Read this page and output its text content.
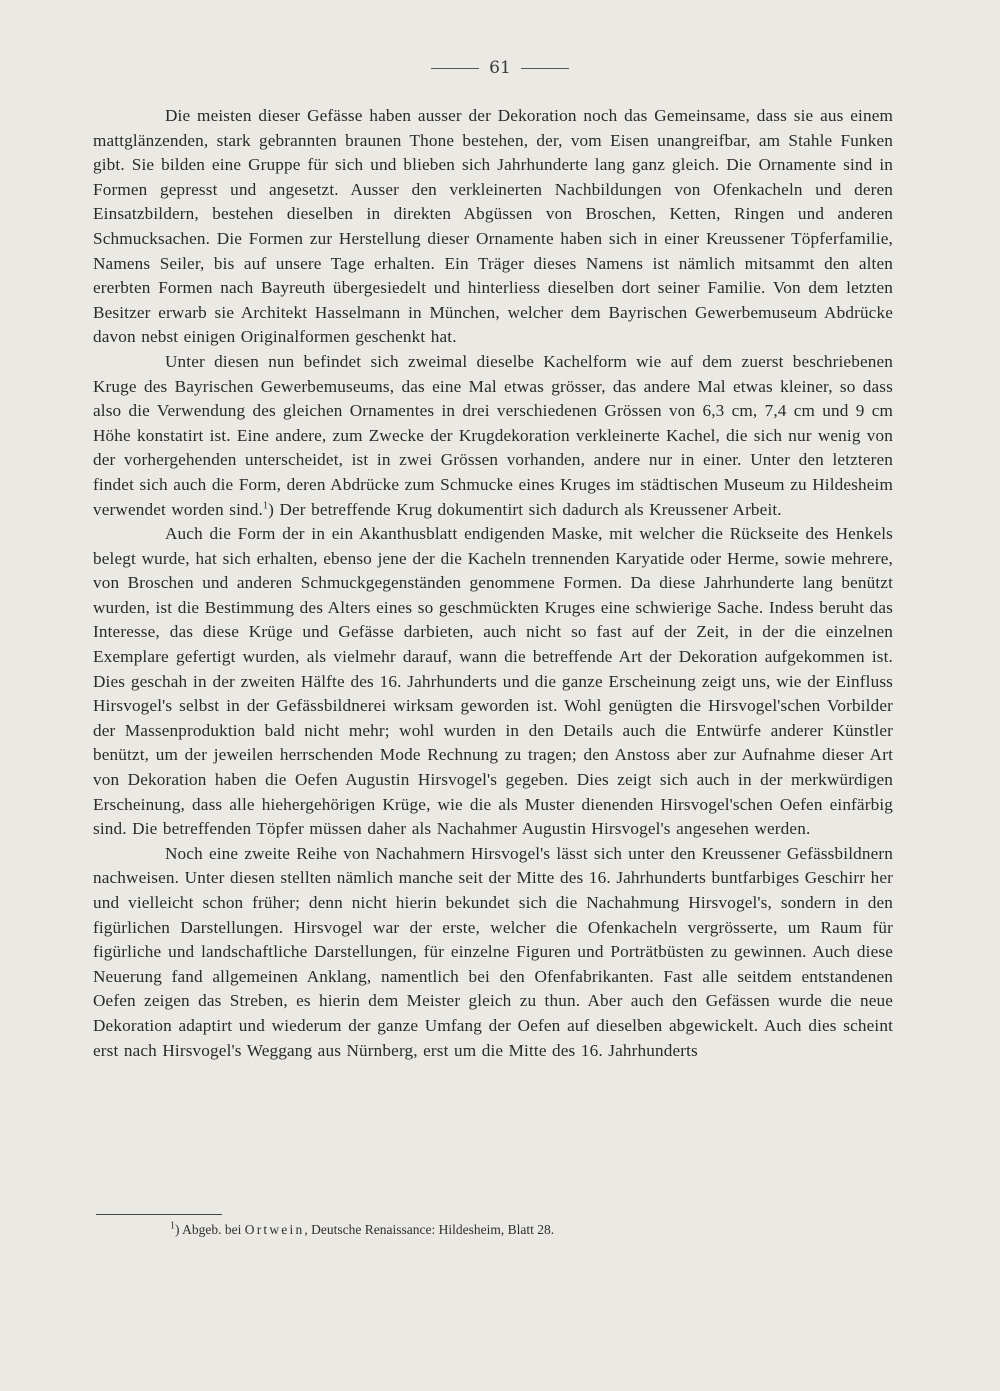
61

Die meisten dieser Gefässe haben ausser der Dekoration noch das Gemeinsame, dass sie aus einem mattglänzenden, stark gebrannten braunen Thone bestehen, der, vom Eisen unangreifbar, am Stahle Funken gibt. Sie bilden eine Gruppe für sich und blieben sich Jahrhunderte lang ganz gleich. Die Ornamente sind in Formen gepresst und angesetzt. Ausser den verkleinerten Nachbildungen von Ofenkacheln und deren Einsatzbildern, bestehen dieselben in direkten Abgüssen von Broschen, Ketten, Ringen und anderen Schmucksachen. Die Formen zur Herstellung dieser Ornamente haben sich in einer Kreussener Töpferfamilie, Namens Seiler, bis auf unsere Tage erhalten. Ein Träger dieses Namens ist nämlich mitsammt den alten ererbten Formen nach Bayreuth übergesiedelt und hinterliess dieselben dort seiner Familie. Von dem letzten Besitzer erwarb sie Architekt Hasselmann in München, welcher dem Bayrischen Gewerbemuseum Abdrücke davon nebst einigen Originalformen geschenkt hat.

Unter diesen nun befindet sich zweimal dieselbe Kachelform wie auf dem zuerst beschriebenen Kruge des Bayrischen Gewerbemuseums, das eine Mal etwas grösser, das andere Mal etwas kleiner, so dass also die Verwendung des gleichen Ornamentes in drei verschiedenen Grössen von 6,3 cm, 7,4 cm und 9 cm Höhe konstatirt ist. Eine andere, zum Zwecke der Krugdekoration verkleinerte Kachel, die sich nur wenig von der vorhergehenden unterscheidet, ist in zwei Grössen vorhanden, andere nur in einer. Unter den letzteren findet sich auch die Form, deren Abdrücke zum Schmucke eines Kruges im städtischen Museum zu Hildesheim verwendet worden sind.$^1$) Der betreffende Krug dokumentirt sich dadurch als Kreussener Arbeit.

Auch die Form der in ein Akanthusblatt endigenden Maske, mit welcher die Rückseite des Henkels belegt wurde, hat sich erhalten, ebenso jene der die Kacheln trennenden Karyatide oder Herme, sowie mehrere, von Broschen und anderen Schmuckgegenständen genommene Formen. Da diese Jahrhunderte lang benützt wurden, ist die Bestimmung des Alters eines so geschmückten Kruges eine schwierige Sache. Indess beruht das Interesse, das diese Krüge und Gefässe darbieten, auch nicht so fast auf der Zeit, in der die einzelnen Exemplare gefertigt wurden, als vielmehr darauf, wann die betreffende Art der Dekoration aufgekommen ist. Dies geschah in der zweiten Hälfte des 16. Jahrhunderts und die ganze Erscheinung zeigt uns, wie der Einfluss Hirsvogel's selbst in der Gefässbildnerei wirksam geworden ist. Wohl genügten die Hirsvogel'schen Vorbilder der Massenproduktion bald nicht mehr; wohl wurden in den Details auch die Entwürfe anderer Künstler benützt, um der jeweilen herrschenden Mode Rechnung zu tragen; den Anstoss aber zur Aufnahme dieser Art von Dekoration haben die Oefen Augustin Hirsvogel's gegeben. Dies zeigt sich auch in der merkwürdigen Erscheinung, dass alle hiehergehörigen Krüge, wie die als Muster dienenden Hirsvogel'schen Oefen einfärbig sind. Die betreffenden Töpfer müssen daher als Nachahmer Augustin Hirsvogel's angesehen werden.

Noch eine zweite Reihe von Nachahmern Hirsvogel's lässt sich unter den Kreussener Gefässbildnern nachweisen. Unter diesen stellten nämlich manche seit der Mitte des 16. Jahrhunderts buntfarbiges Geschirr her und vielleicht schon früher; denn nicht hierin bekundet sich die Nachahmung Hirsvogel's, sondern in den figürlichen Darstellungen. Hirsvogel war der erste, welcher die Ofenkacheln vergrösserte, um Raum für figürliche und landschaftliche Darstellungen, für einzelne Figuren und Porträtbüsten zu gewinnen. Auch diese Neuerung fand allgemeinen Anklang, namentlich bei den Ofenfabrikanten. Fast alle seitdem entstandenen Oefen zeigen das Streben, es hierin dem Meister gleich zu thun. Aber auch den Gefässen wurde die neue Dekoration adaptirt und wiederum der ganze Umfang der Oefen auf dieselben abgewickelt. Auch dies scheint erst nach Hirsvogel's Weggang aus Nürnberg, erst um die Mitte des 16. Jahrhunderts

$^1$) Abgeb. bei Ortwein, Deutsche Renaissance: Hildesheim, Blatt 28.
